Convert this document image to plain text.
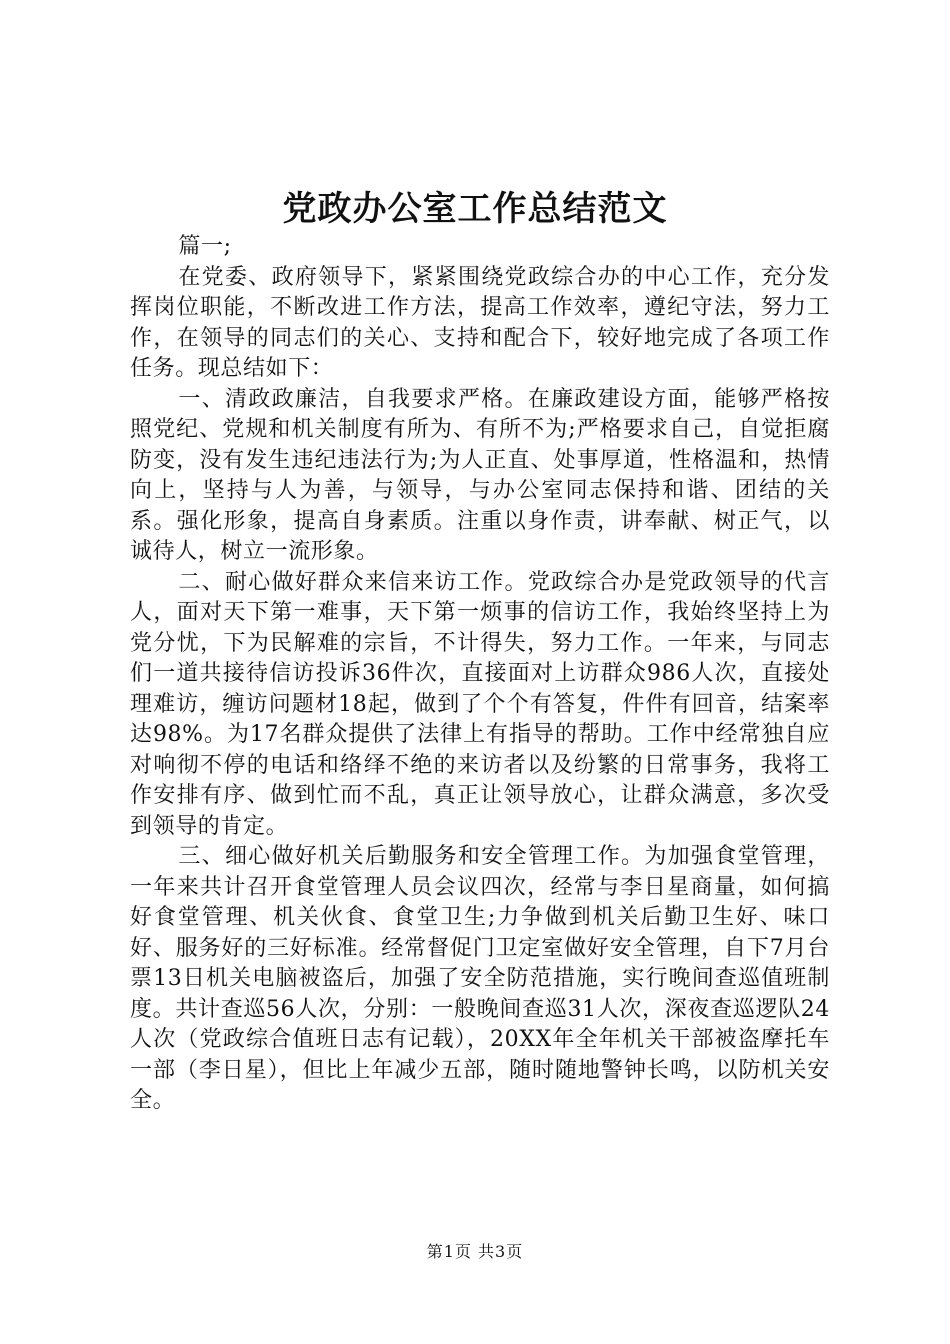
党政办公室工作总结范文

篇一;

在党委、政府领导下，紧紧围绕党政综合办的中心工作，充分发挥岗位职能，不断改进工作方法，提高工作效率，遵纪守法，努力工作，在领导的同志们的关心、支持和配合下，较好地完成了各项工作任务。现总结如下：

一、清政政廉洁，自我要求严格。在廉政建设方面，能够严格按照党纪、党规和机关制度有所为、有所不为;严格要求自己，自觉拒腐防变，没有发生违纪违法行为;为人正直、处事厚道，性格温和，热情向上，坚持与人为善，与领导，与办公室同志保持和谐、团结的关系。强化形象，提高自身素质。注重以身作责，讲奉献、树正气，以诚待人，树立一流形象。

二、耐心做好群众来信来访工作。党政综合办是党政领导的代言人，面对天下第一难事，天下第一烦事的信访工作，我始终坚持上为党分忧，下为民解难的宗旨，不计得失，努力工作。一年来，与同志们一道共接待信访投诉36件次，直接面对上访群众986人次，直接处理难访，缠访问题材18起，做到了个个有答复，件件有回音，结案率达98%。为17名群众提供了法律上有指导的帮助。工作中经常独自应对响彻不停的电话和络绎不绝的来访者以及纷繁的日常事务，我将工作安排有序、做到忙而不乱，真正让领导放心，让群众满意，多次受到领导的肯定。

三、细心做好机关后勤服务和安全管理工作。为加强食堂管理，一年来共计召开食堂管理人员会议四次，经常与李日星商量，如何搞好食堂管理、机关伙食、食堂卫生;力争做到机关后勤卫生好、味口好、服务好的三好标准。经常督促门卫定室做好安全管理，自下7月台票13日机关电脑被盗后，加强了安全防范措施，实行晚间查巡值班制度。共计查巡56人次，分别：一般晚间查巡31人次，深夜查巡逻队24人次（党政综合值班日志有记载），20XX年全年机关干部被盗摩托车一部（李日星），但比上年减少五部，随时随地警钟长鸣，以防机关安全。

第1页 共3页
